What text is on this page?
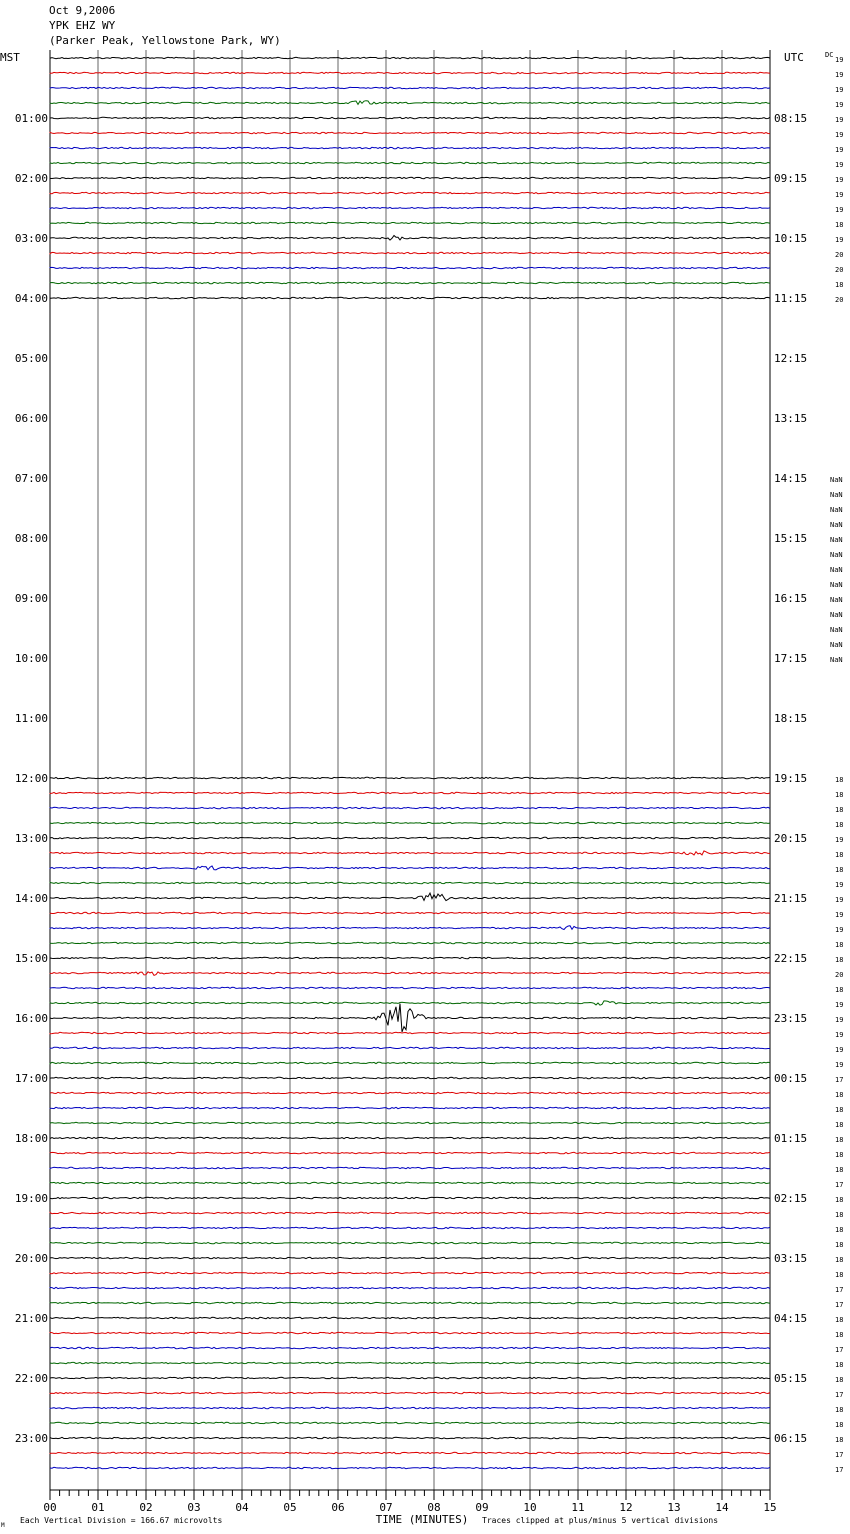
Oct 9,2006
YPK EHZ WY
(Parker Peak, Yellowstone Park, WY)
MST	UTC	DC
01:00
02:00
03:00
04:00
05:00
06:00
07:00
08:00
09:00
10:00
11:00
12:00
13:00
14:00
15:00
16:00
17:00
18:00
19:00
20:00
21:00
22:00
23:00
08:15
09:15
10:15
11:15
12:15
13:15
14:15
15:15
16:15
17:15
18:15
19:15
20:15
21:15
22:15
23:15
00:15
01:15
02:15
03:15
04:15
05:15
06:15
19
19
19
19
19
19
19
19
19
19
19
18
19
20
20
18
20
NaN
NaN
NaN
NaN
NaN
NaN
NaN
NaN
NaN
NaN
NaN
NaN
NaN
18
18
18
18
19
18
18
19
19
19
19
18
18
20
18
19
19
19
19
19
17
18
18
18
18
18
18
17
18
18
18
18
18
18
17
17
18
18
17
18
18
17
18
18
18
17
17
00	01	02	03	04	05	06	07	08	09	10	11	12	13	14	15
TIME (MINUTES)
Each Vertical Division = 166.67 microvolts	Traces clipped at plus/minus 5 vertical divisions
M
